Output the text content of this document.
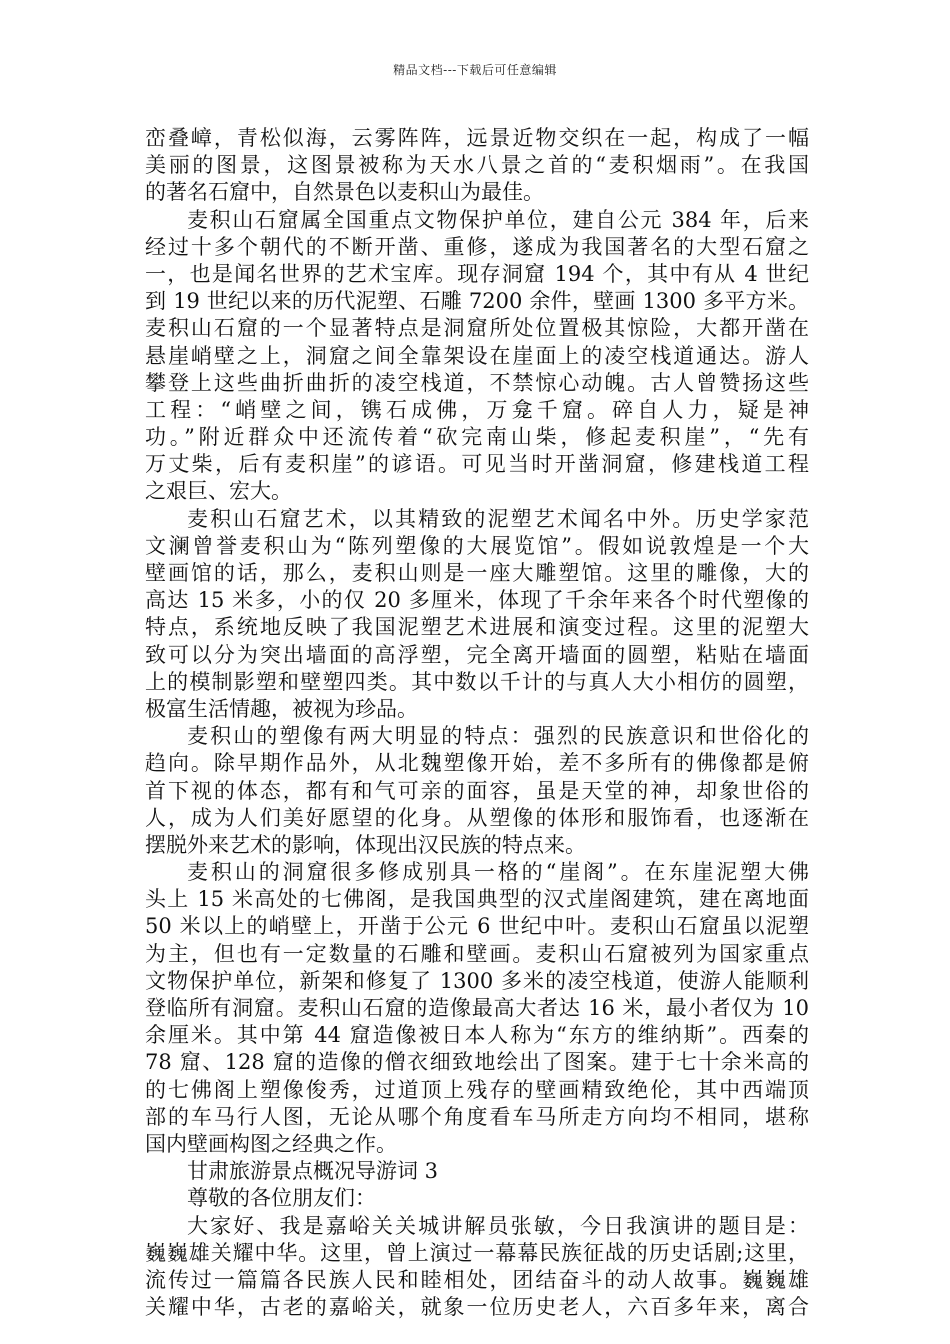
精品文档---下载后可任意编辑
峦叠嶂，青松似海，云雾阵阵，远景近物交织在一起，构成了一幅
美丽的图景，这图景被称为天水八景之首的“麦积烟雨”。在我国
的著名石窟中，自然景色以麦积山为最佳。
麦积山石窟属全国重点文物保护单位，建自公元 384 年，后来
经过十多个朝代的不断开凿、重修，遂成为我国著名的大型石窟之
一，也是闻名世界的艺术宝库。现存洞窟 194 个，其中有从 4 世纪
到 19 世纪以来的历代泥塑、石雕 7200 余件，壁画 1300 多平方米。
麦积山石窟的一个显著特点是洞窟所处位置极其惊险，大都开凿在
悬崖峭壁之上，洞窟之间全靠架设在崖面上的凌空栈道通达。游人
攀登上这些曲折曲折的凌空栈道，不禁惊心动魄。古人曾赞扬这些
工程：“峭壁之间，镌石成佛，万龛千窟。碎自人力，疑是神
功。”附近群众中还流传着“砍完南山柴，修起麦积崖”，“先有
万丈柴，后有麦积崖”的谚语。可见当时开凿洞窟，修建栈道工程
之艰巨、宏大。
麦积山石窟艺术，以其精致的泥塑艺术闻名中外。历史学家范
文澜曾誉麦积山为“陈列塑像的大展览馆”。假如说敦煌是一个大
壁画馆的话，那么，麦积山则是一座大雕塑馆。这里的雕像，大的
高达 15 米多，小的仅 20 多厘米，体现了千余年来各个时代塑像的
特点，系统地反映了我国泥塑艺术进展和演变过程。这里的泥塑大
致可以分为突出墙面的高浮塑，完全离开墙面的圆塑，粘贴在墙面
上的模制影塑和壁塑四类。其中数以千计的与真人大小相仿的圆塑，
极富生活情趣，被视为珍品。
麦积山的塑像有两大明显的特点：强烈的民族意识和世俗化的
趋向。除早期作品外，从北魏塑像开始，差不多所有的佛像都是俯
首下视的体态，都有和气可亲的面容，虽是天堂的神，却象世俗的
人，成为人们美好愿望的化身。从塑像的体形和服饰看，也逐渐在
摆脱外来艺术的影响，体现出汉民族的特点来。
麦积山的洞窟很多修成别具一格的“崖阁”。在东崖泥塑大佛
头上 15 米高处的七佛阁，是我国典型的汉式崖阁建筑，建在离地面
50 米以上的峭壁上，开凿于公元 6 世纪中叶。麦积山石窟虽以泥塑
为主，但也有一定数量的石雕和壁画。麦积山石窟被列为国家重点
文物保护单位，新架和修复了 1300 多米的凌空栈道，使游人能顺利
登临所有洞窟。麦积山石窟的造像最高大者达 16 米，最小者仅为 10
余厘米。其中第 44 窟造像被日本人称为“东方的维纳斯”。西秦的
78 窟、128 窟的造像的僧衣细致地绘出了图案。建于七十余米高的
的七佛阁上塑像俊秀，过道顶上残存的壁画精致绝伦，其中西端顶
部的车马行人图，无论从哪个角度看车马所走方向均不相同，堪称
国内壁画构图之经典之作。
甘肃旅游景点概况导游词 3
尊敬的各位朋友们：
大家好、我是嘉峪关关城讲解员张敏，今日我演讲的题目是：
巍巍雄关耀中华。这里，曾上演过一幕幕民族征战的历史话剧;这里，
流传过一篇篇各民族人民和睦相处，团结奋斗的动人故事。巍巍雄
关耀中华，古老的嘉峪关，就象一位历史老人，六百多年来，离合
